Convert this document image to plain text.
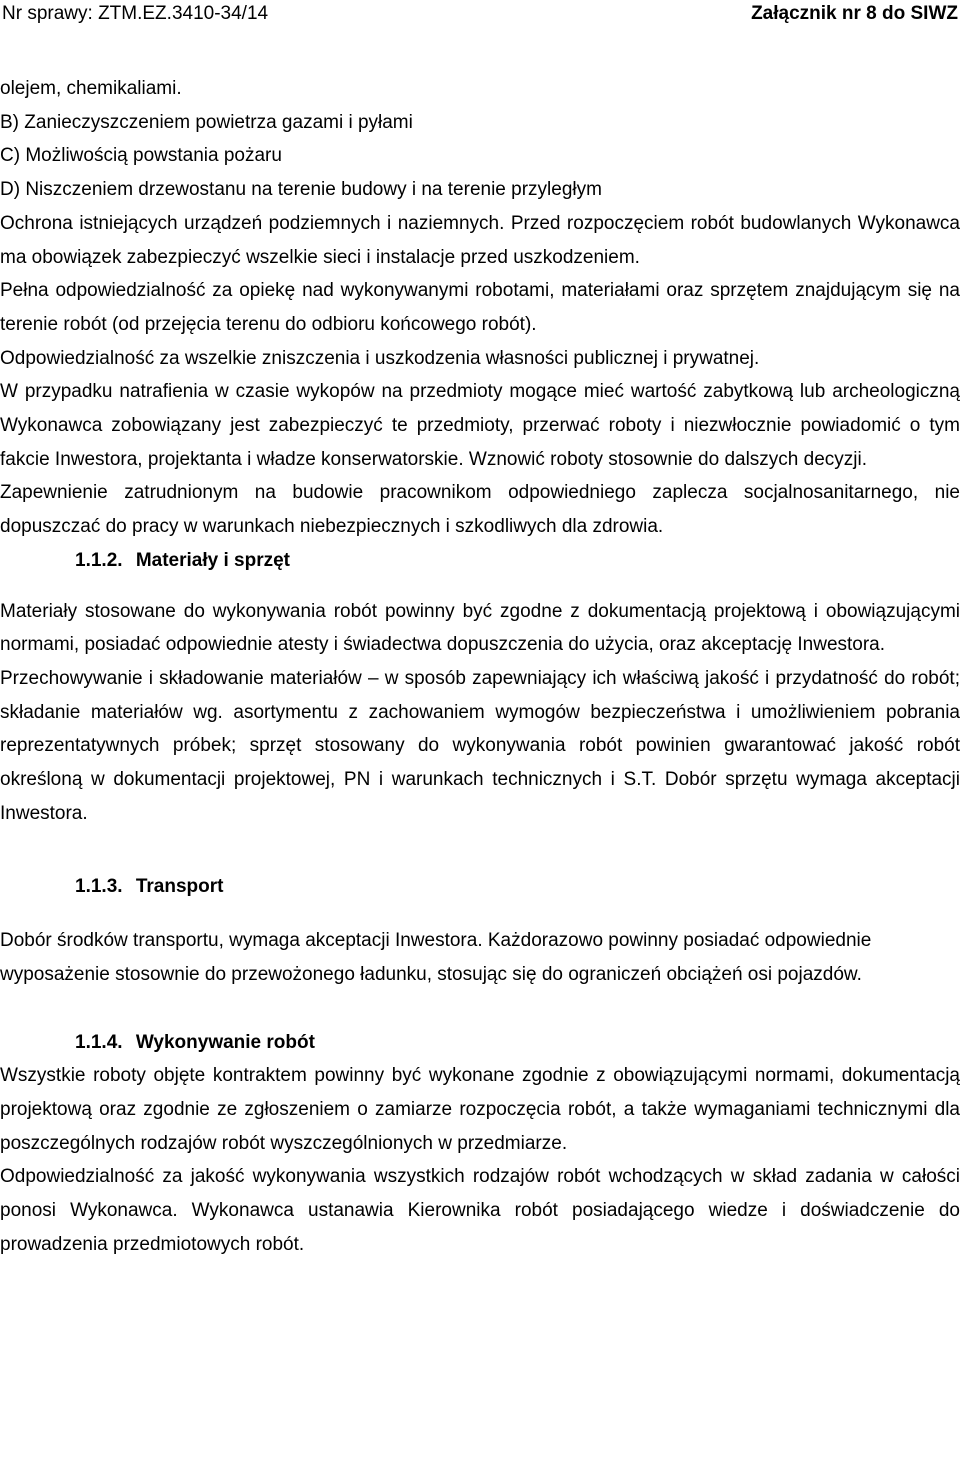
Nr sprawy: ZTM.EZ.3410-34/14	Załącznik nr 8 do SIWZ

olejem, chemikaliami.

B) Zanieczyszczeniem powietrza gazami i pyłami

C) Możliwością powstania pożaru

D) Niszczeniem drzewostanu na terenie budowy i na terenie przyległym

Ochrona istniejących urządzeń podziemnych i naziemnych. Przed rozpoczęciem robót budowlanych Wykonawca ma obowiązek zabezpieczyć wszelkie sieci i instalacje przed uszkodzeniem.

Pełna odpowiedzialność za opiekę nad wykonywanymi robotami, materiałami oraz sprzętem znajdującym się na terenie robót (od przejęcia terenu do odbioru końcowego robót).

Odpowiedzialność za wszelkie zniszczenia i uszkodzenia własności publicznej i prywatnej.

W przypadku natrafienia w czasie wykopów na przedmioty mogące mieć wartość zabytkową lub archeologiczną Wykonawca zobowiązany jest zabezpieczyć te przedmioty, przerwać roboty i niezwłocznie powiadomić o tym fakcie Inwestora, projektanta i władze konserwatorskie. Wznowić roboty stosownie do dalszych decyzji.

Zapewnienie zatrudnionym na budowie pracownikom odpowiedniego zaplecza socjalnosanitarnego, nie dopuszczać do pracy w warunkach niebezpiecznych i szkodliwych dla zdrowia.

1.1.2. Materiały i sprzęt

Materiały stosowane do wykonywania robót powinny być zgodne z dokumentacją projektową i obowiązującymi normami, posiadać odpowiednie atesty i świadectwa dopuszczenia do użycia, oraz akceptację Inwestora.

Przechowywanie i składowanie materiałów – w sposób zapewniający ich właściwą jakość i przydatność do robót; składanie materiałów wg. asortymentu z zachowaniem wymogów bezpieczeństwa i umożliwieniem pobrania reprezentatywnych próbek; sprzęt stosowany do wykonywania robót powinien gwarantować jakość robót określoną w dokumentacji projektowej, PN i warunkach technicznych i S.T. Dobór sprzętu wymaga akceptacji Inwestora.

1.1.3. Transport

Dobór środków transportu, wymaga akceptacji Inwestora. Każdorazowo powinny posiadać odpowiednie wyposażenie stosownie do przewożonego ładunku, stosując się do ograniczeń obciążeń osi pojazdów.

1.1.4. Wykonywanie robót

Wszystkie roboty objęte kontraktem powinny być wykonane zgodnie z obowiązującymi normami, dokumentacją projektową oraz zgodnie ze zgłoszeniem o zamiarze rozpoczęcia robót, a także wymaganiami technicznymi dla poszczególnych rodzajów robót wyszczególnionych w przedmiarze.

Odpowiedzialność za jakość wykonywania wszystkich rodzajów robót wchodzących w skład zadania w całości ponosi Wykonawca. Wykonawca ustanawia Kierownika robót posiadającego wiedze i doświadczenie do prowadzenia przedmiotowych robót.
